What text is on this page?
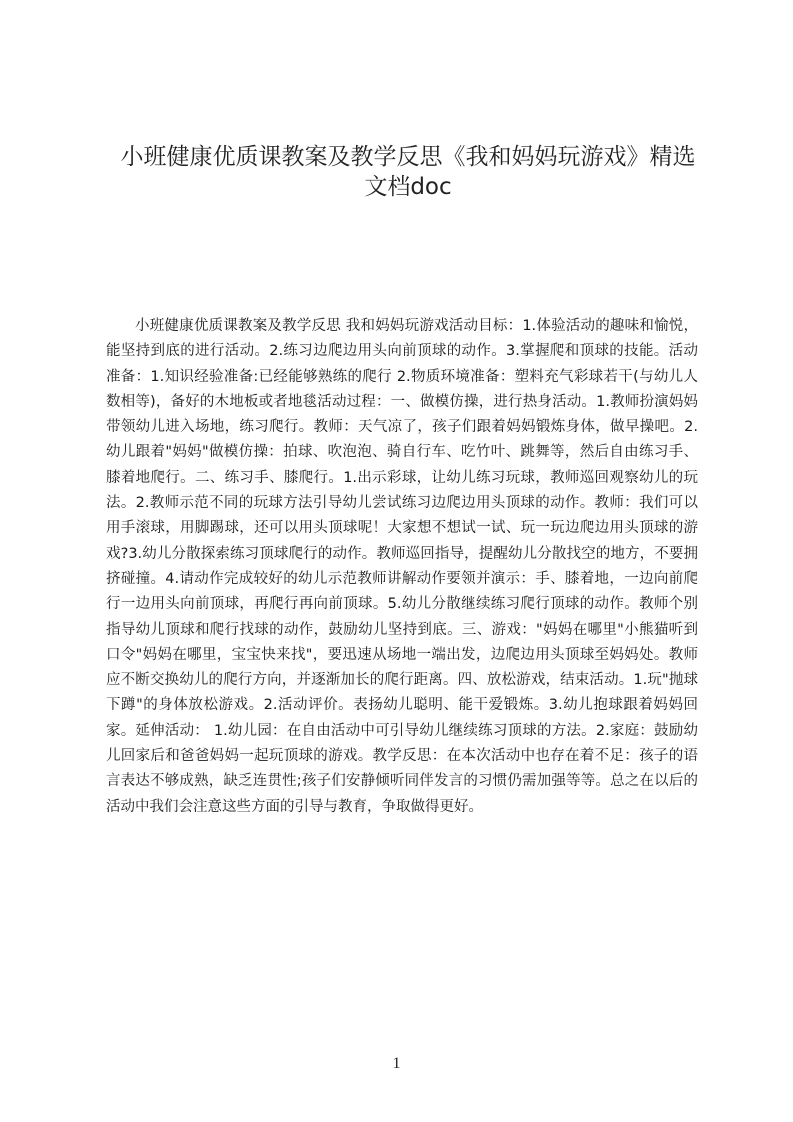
小班健康优质课教案及教学反思《我和妈妈玩游戏》精选
文档doc

小班健康优质课教案及教学反思 我和妈妈玩游戏活动目标：1.体验活动的趣味和愉悦，能坚持到底的进行活动。2.练习边爬边用头向前顶球的动作。3.掌握爬和顶球的技能。活动准备：1.知识经验准备:已经能够熟练的爬行 2.物质环境准备：塑料充气彩球若干(与幼儿人数相等)，备好的木地板或者地毯活动过程：一、做模仿操，进行热身活动。1.教师扮演妈妈带领幼儿进入场地，练习爬行。教师：天气凉了，孩子们跟着妈妈锻炼身体，做早操吧。2.幼儿跟着"妈妈"做模仿操：拍球、吹泡泡、骑自行车、吃竹叶、跳舞等，然后自由练习手、膝着地爬行。二、练习手、膝爬行。1.出示彩球，让幼儿练习玩球，教师巡回观察幼儿的玩法。2.教师示范不同的玩球方法引导幼儿尝试练习边爬边用头顶球的动作。教师：我们可以用手滚球，用脚踢球，还可以用头顶球呢！大家想不想试一试、玩一玩边爬边用头顶球的游戏?3.幼儿分散探索练习顶球爬行的动作。教师巡回指导，提醒幼儿分散找空的地方，不要拥挤碰撞。4.请动作完成较好的幼儿示范教师讲解动作要领并演示：手、膝着地，一边向前爬行一边用头向前顶球，再爬行再向前顶球。5.幼儿分散继续练习爬行顶球的动作。教师个别指导幼儿顶球和爬行找球的动作，鼓励幼儿坚持到底。三、游戏："妈妈在哪里"小熊猫听到口令"妈妈在哪里，宝宝快来找"，要迅速从场地一端出发，边爬边用头顶球至妈妈处。教师应不断交换幼儿的爬行方向，并逐渐加长的爬行距离。四、放松游戏，结束活动。1.玩"抛球下蹲"的身体放松游戏。2.活动评价。表扬幼儿聪明、能干爱锻炼。3.幼儿抱球跟着妈妈回家。延伸活动： 1.幼儿园：在自由活动中可引导幼儿继续练习顶球的方法。2.家庭：鼓励幼儿回家后和爸爸妈妈一起玩顶球的游戏。教学反思：在本次活动中也存在着不足：孩子的语言表达不够成熟，缺乏连贯性;孩子们安静倾听同伴发言的习惯仍需加强等等。总之在以后的活动中我们会注意这些方面的引导与教育，争取做得更好。

1
